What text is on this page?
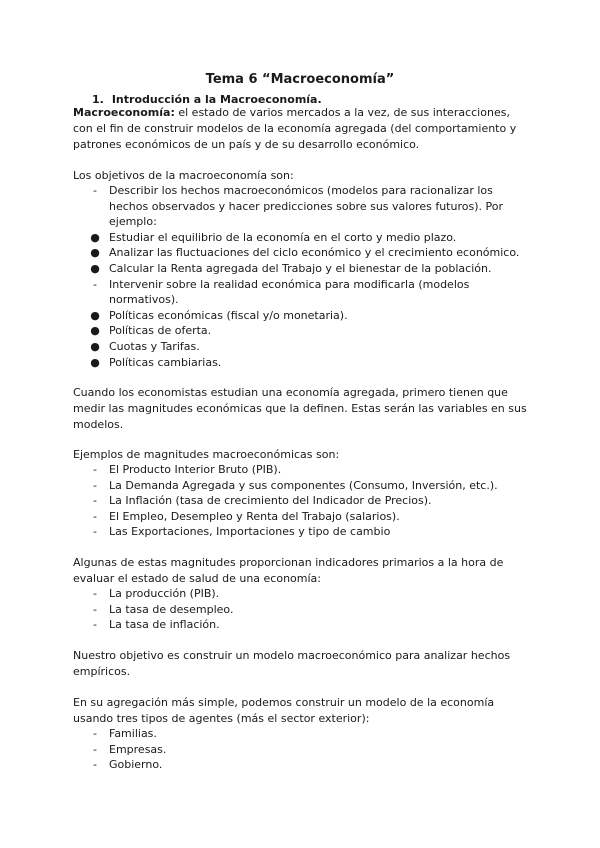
Tema 6 “Macroeconomía”
1. Introducción a la Macroeconomía.
Macroeconomía: el estado de varios mercados a la vez, de sus interacciones, con el fin de construir modelos de la economía agregada (del comportamiento y patrones económicos de un país y de su desarrollo económico.
Los objetivos de la macroeconomía son:
-	Describir los hechos macroeconómicos (modelos para racionalizar los hechos observados y hacer predicciones sobre sus valores futuros). Por ejemplo:
● Estudiar el equilibrio de la economía en el corto y medio plazo.
● Analizar las fluctuaciones del ciclo económico y el crecimiento económico.
● Calcular la Renta agregada del Trabajo y el bienestar de la población.
-	Intervenir sobre la realidad económica para modificarla (modelos normativos).
● Políticas económicas (fiscal y/o monetaria).
● Políticas de oferta.
● Cuotas y Tarifas.
● Políticas cambiarias.
Cuando los economistas estudian una economía agregada, primero tienen que medir las magnitudes económicas que la definen. Estas serán las variables en sus modelos.
Ejemplos de magnitudes macroeconómicas son:
-	El Producto Interior Bruto (PIB).
-	La Demanda Agregada y sus componentes (Consumo, Inversión, etc.).
-	La Inflación (tasa de crecimiento del Indicador de Precios).
-	El Empleo, Desempleo y Renta del Trabajo (salarios).
-	Las Exportaciones, Importaciones y tipo de cambio
Algunas de estas magnitudes proporcionan indicadores primarios a la hora de evaluar el estado de salud de una economía:
-	La producción (PIB).
-	La tasa de desempleo.
-	La tasa de inflación.
Nuestro objetivo es construir un modelo macroeconómico para analizar hechos empíricos.
En su agregación más simple, podemos construir un modelo de la economía usando tres tipos de agentes (más el sector exterior):
-	Familias.
-	Empresas.
-	Gobierno.
